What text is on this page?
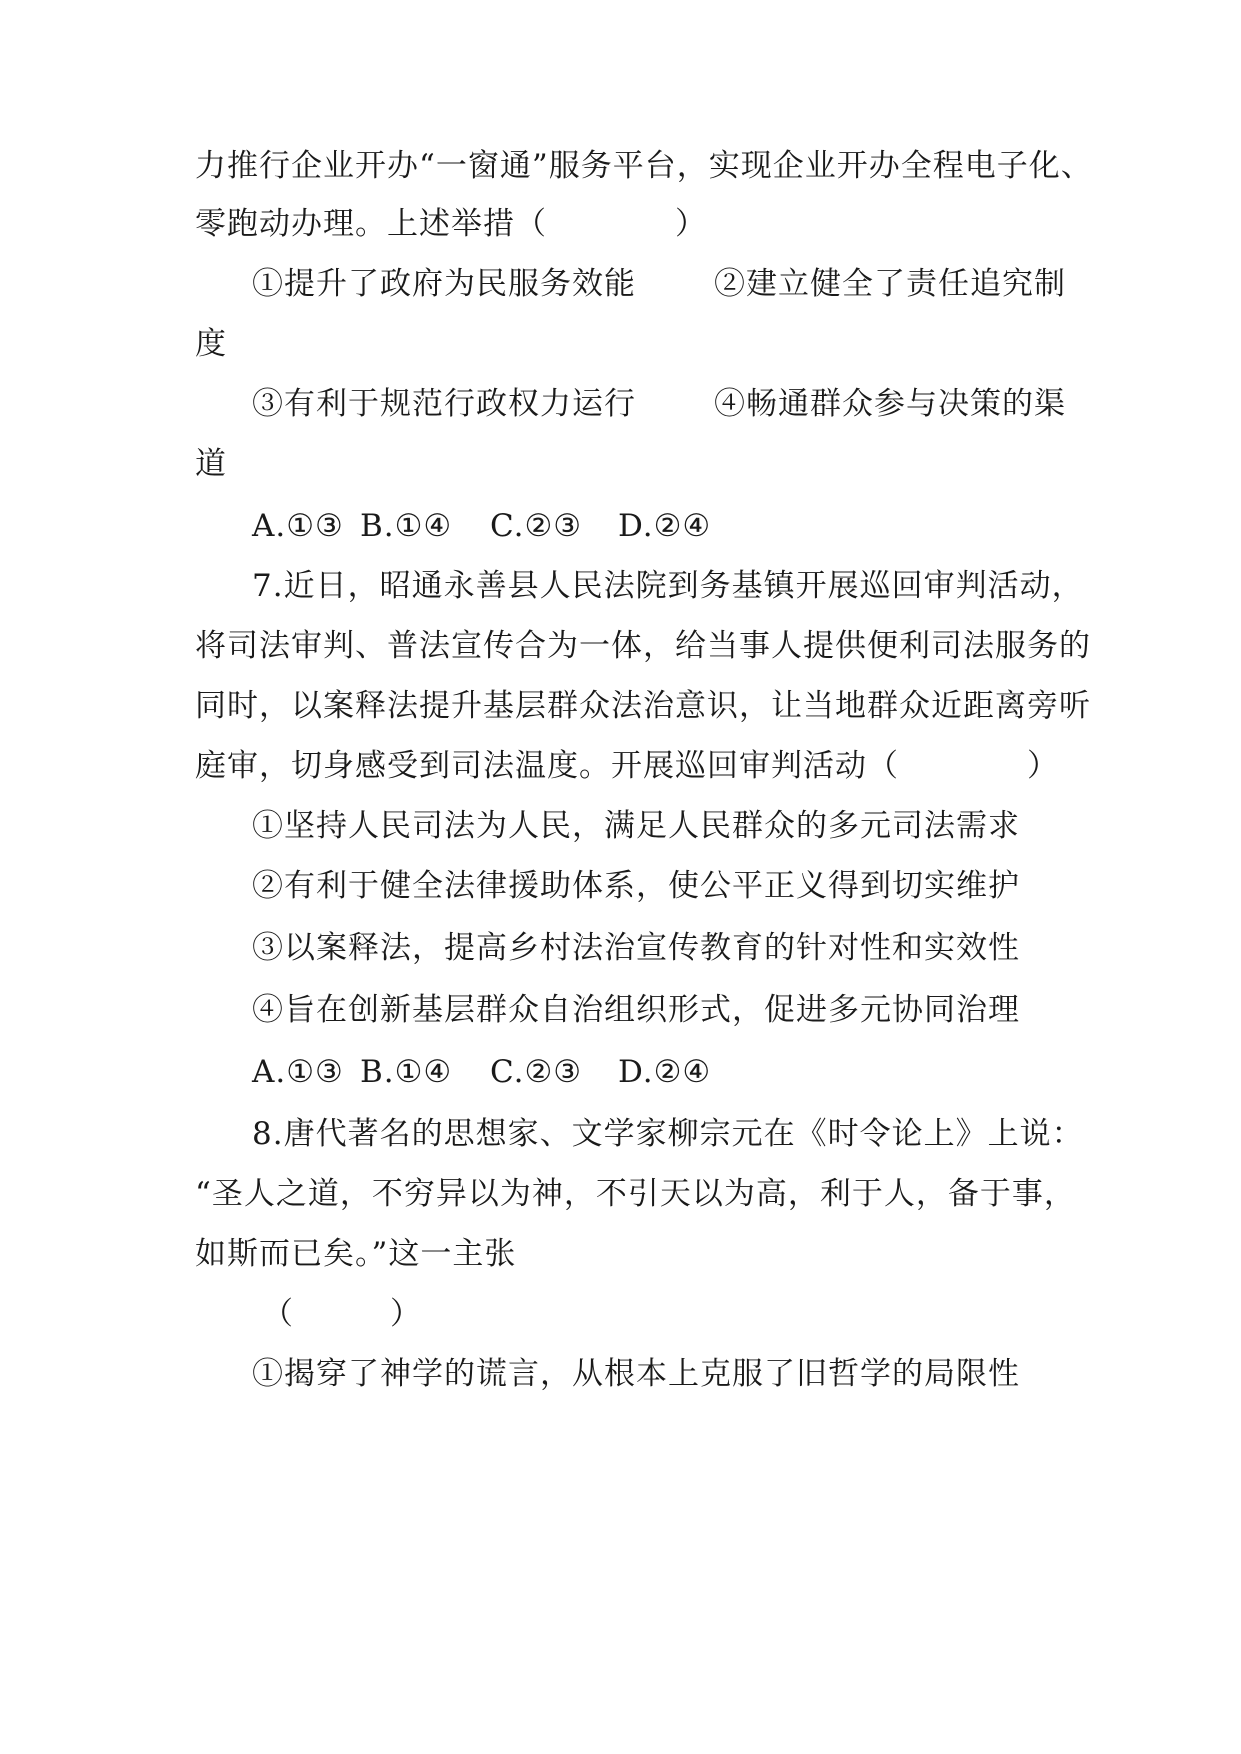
力推行企业开办“一窗通”服务平台，实现企业开办全程电子化、
零跑动办理。上述举措（　　　　）
①提升了政府为民服务效能	②建立健全了责任追究制
度
③有利于规范行政权力运行	④畅通群众参与决策的渠
道
A.①③ B.①④	C.②③	D.②④
7.近日，昭通永善县人民法院到务基镇开展巡回审判活动，
将司法审判、普法宣传合为一体，给当事人提供便利司法服务的
同时，以案释法提升基层群众法治意识，让当地群众近距离旁听
庭审，切身感受到司法温度。开展巡回审判活动（　　　　）
①坚持人民司法为人民，满足人民群众的多元司法需求
②有利于健全法律援助体系，使公平正义得到切实维护
③以案释法，提高乡村法治宣传教育的针对性和实效性
④旨在创新基层群众自治组织形式，促进多元协同治理
A.①③ B.①④	C.②③	D.②④
8.唐代著名的思想家、文学家柳宗元在《时令论上》上说：
“圣人之道，不穷异以为神，不引天以为高，利于人，备于事，
如斯而已矣。”这一主张
（　　　）
①揭穿了神学的谎言，从根本上克服了旧哲学的局限性
